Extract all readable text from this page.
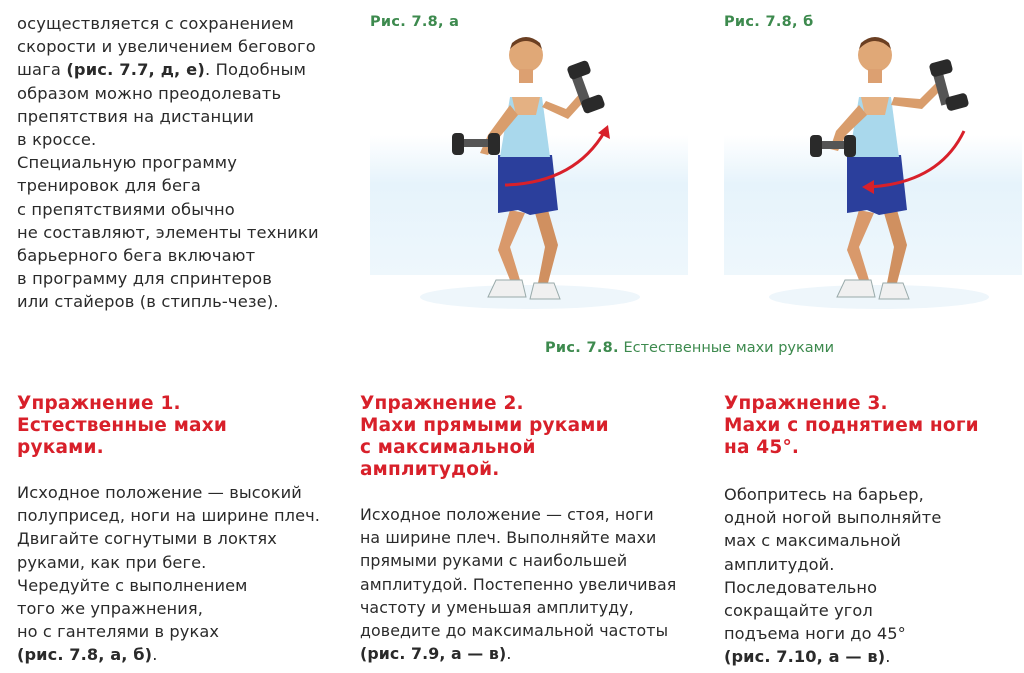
осуществляется с сохранением
скорости и увеличением бегового
шага (рис. 7.7, д, е). Подобным
образом можно преодолевать
препятствия на дистанции
в кроссе.
Специальную программу
тренировок для бега
с препятствиями обычно
не составляют, элементы техники
барьерного бега включают
в программу для спринтеров
или стайеров (в стипль-чезе).
Рис. 7.8, а	Рис. 7.8, б
Рис. 7.8. Естественные махи руками
Упражнение 1.
Естественные махи
руками.
Исходное положение — высокий
полуприсед, ноги на ширине плеч.
Двигайте согнутыми в локтях
руками, как при беге.
Чередуйте с выполнением
того же упражнения,
но с гантелями в руках
(рис. 7.8, а, б).
Упражнение 2.
Махи прямыми руками
с максимальной
амплитудой.
Исходное положение — стоя, ноги
на ширине плеч. Выполняйте махи
прямыми руками с наибольшей
амплитудой. Постепенно увеличивая
частоту и уменьшая амплитуду,
доведите до максимальной частоты
(рис. 7.9, а — в).
Упражнение 3.
Махи с поднятием ноги
на 45°.
Обопритесь на барьер,
одной ногой выполняйте
мах с максимальной
амплитудой.
Последовательно
сокращайте угол
подъема ноги до 45°
(рис. 7.10, а — в).
